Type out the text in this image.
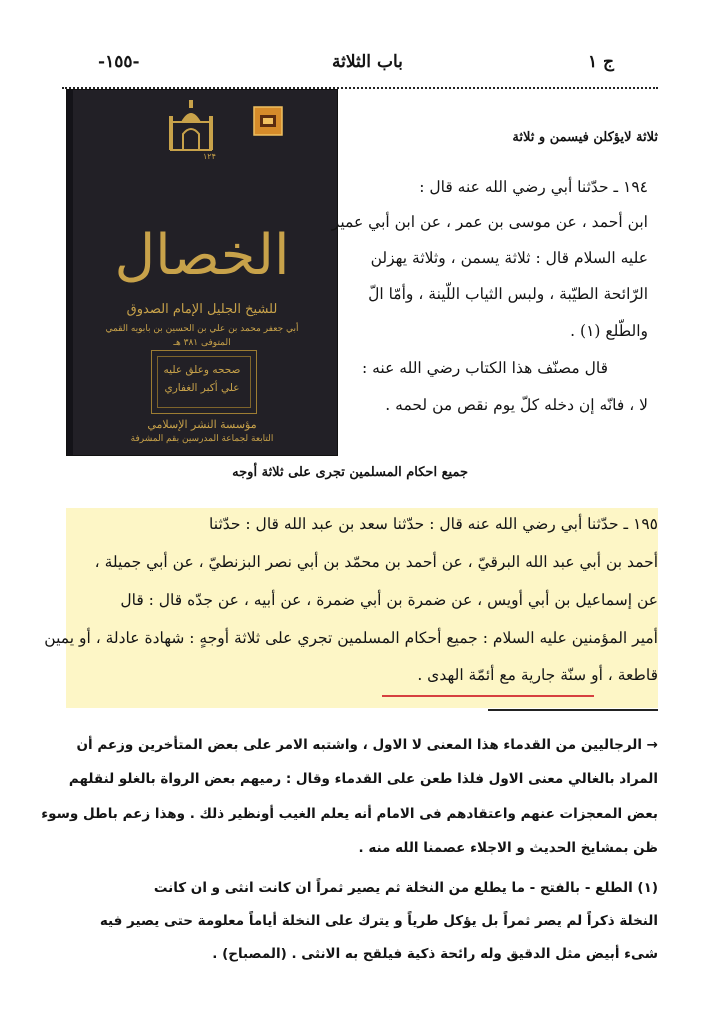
-١٥٥-	باب الثلاثة	ج ١
۱۲۴
الخصال
للشيخ الجليل الإمام الصدوق
أبي جعفر محمد بن علي بن الحسين بن بابويه القمي
المتوفى ٣٨١ هـ
صححه وعلق عليه
علي أكبر الغفاري
مؤسسة النشر الإسلامي
التابعة لجماعة المدرسين بقم المشرفة
ثلاثة لايؤكلن فيسمن و ثلاثة
١٩٤ ـ حدّثنا أبي رضي الله عنه قال :
ابن أحمد ، عن موسى بن عمر ، عن ابن أبي عمير
عليه السلام قال : ثلاثة يسمن ، وثلاثة يهزلن
الرّائحة الطيّبة ، ولبس الثياب اللّينة ، وأمّا الّ
والطّلع (١) .
قال مصنّف هذا الكتاب رضي الله عنه :
لا ، فانّه إن دخله كلّ يوم نقص من لحمه .
جميع احكام المسلمين تجرى على ثلاثة أوجه
١٩٥ ـ حدّثنا أبي رضي الله عنه قال : حدّثنا سعد بن عبد الله قال : حدّثنا
أحمد بن أبي عبد الله البرقيّ ، عن أحمد بن محمّد بن أبي نصر البزنطيّ ، عن أبي جميلة ،
عن إسماعيل بن أبي أويس ، عن ضمرة بن أبي ضمرة ، عن أبيه ، عن جدّه قال : قال
أمير المؤمنين عليه السلام : جميع أحكام المسلمين تجري على ثلاثة أوجهٍ : شهادة عادلة ، أو يمين
قاطعة ، أو سنّة جارية مع أئمّة الهدى .
→ الرجاليين من القدماء هذا المعنى لا الاول ، واشتبه الامر على بعض المتأخرين وزعم أن
المراد بالغالي معنى الاول فلذا طعن على القدماء وقال : رميهم بعض الرواة بالغلو لنقلهم
بعض المعجزات عنهم واعتقادهم فى الامام أنه يعلم الغيب أونظير ذلك . وهذا زعم باطل وسوء
ظن بمشايخ الحديث و الاجلاء عصمنا الله منه .
(١) الطلع - بالفتح - ما يطلع من النخلة ثم يصير ثمراً ان كانت انثى و ان كانت
النخلة ذكراً لم يصر ثمراً بل يؤكل طرياً و يترك على النخلة أياماً معلومة حتى يصير فيه
شىء أبيض مثل الدقيق وله رائحة ذكية فيلقح به الانثى . (المصباح) .
